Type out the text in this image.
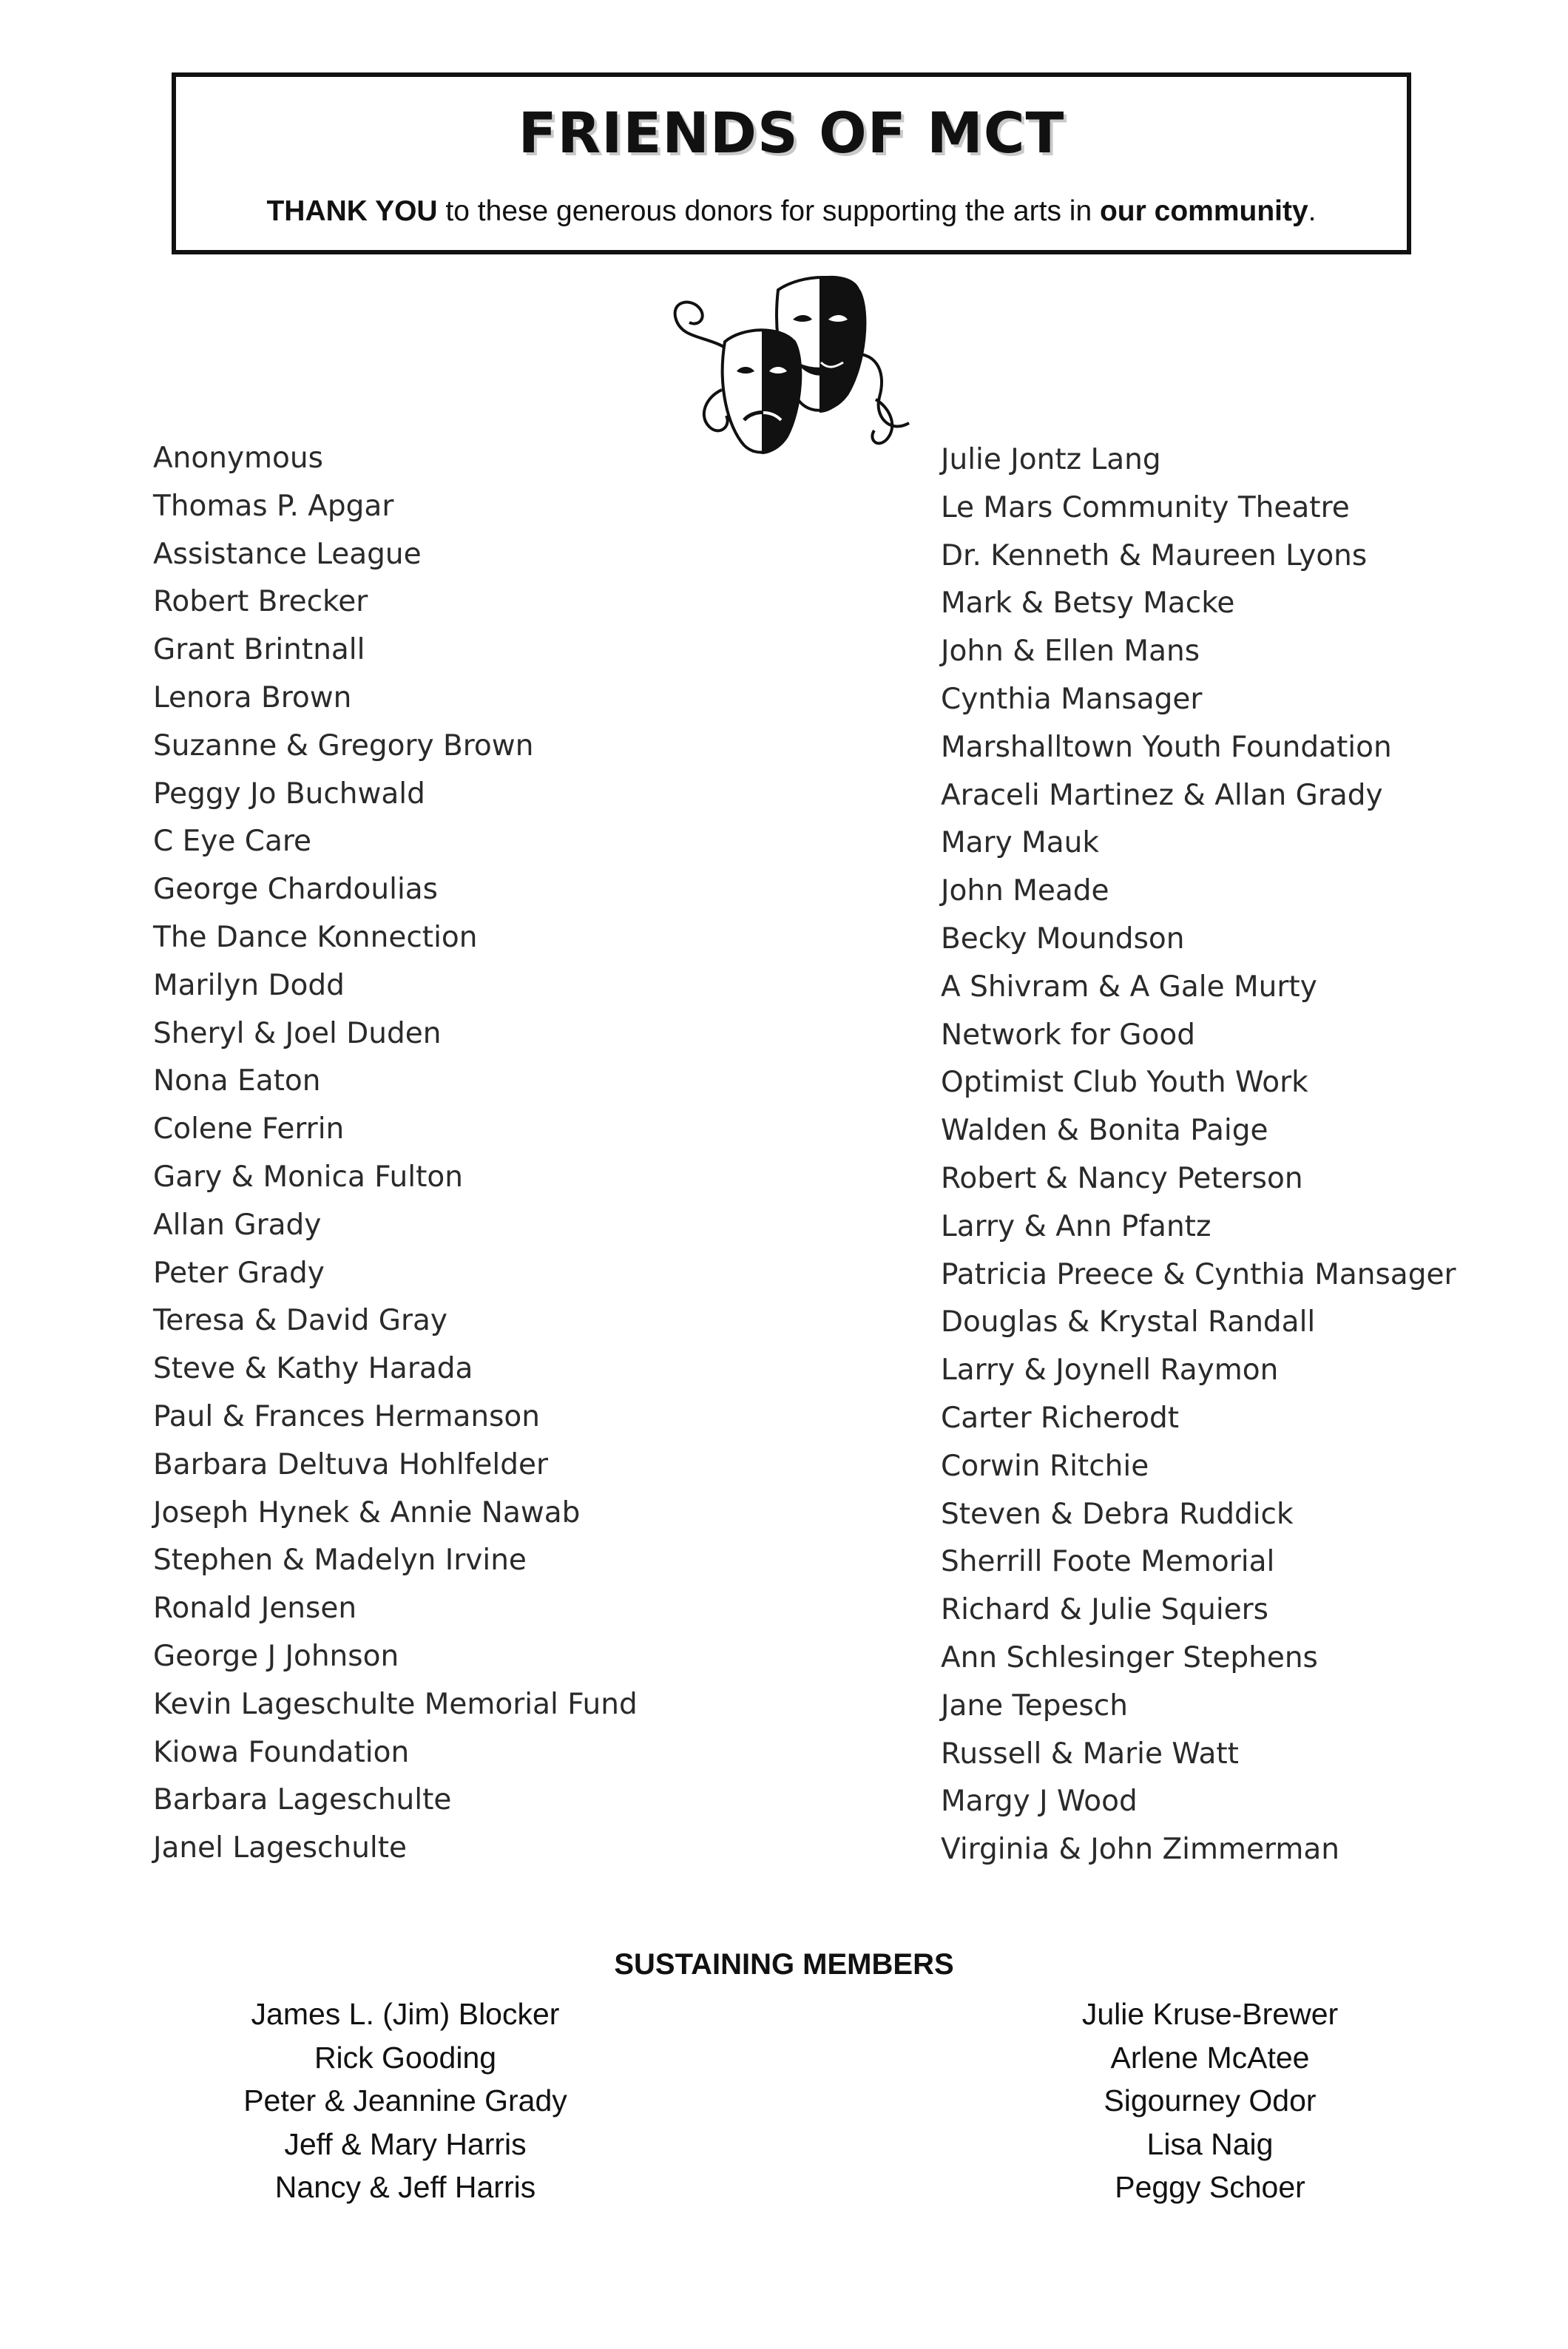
FRIENDS OF MCT
THANK YOU to these generous donors for supporting the arts in our community.
Anonymous
Thomas P. Apgar
Assistance League
Robert Brecker
Grant Brintnall
Lenora Brown
Suzanne & Gregory Brown
Peggy Jo Buchwald
C Eye Care
George Chardoulias
The Dance Konnection
Marilyn Dodd
Sheryl & Joel Duden
Nona Eaton
Colene Ferrin
Gary & Monica Fulton
Allan Grady
Peter Grady
Teresa & David Gray
Steve & Kathy Harada
Paul & Frances Hermanson
Barbara Deltuva Hohlfelder
Joseph Hynek & Annie Nawab
Stephen & Madelyn Irvine
Ronald Jensen
George J Johnson
Kevin Lageschulte Memorial Fund
Kiowa Foundation
Barbara Lageschulte
Janel Lageschulte
Julie Jontz Lang
Le Mars Community Theatre
Dr. Kenneth & Maureen Lyons
Mark & Betsy Macke
John & Ellen Mans
Cynthia Mansager
Marshalltown Youth Foundation
Araceli Martinez & Allan Grady
Mary Mauk
John Meade
Becky Moundson
A Shivram & A Gale Murty
Network for Good
Optimist Club Youth Work
Walden & Bonita Paige
Robert & Nancy Peterson
Larry & Ann Pfantz
Patricia Preece & Cynthia Mansager
Douglas & Krystal Randall
Larry & Joynell Raymon
Carter Richerodt
Corwin Ritchie
Steven & Debra Ruddick
Sherrill Foote Memorial
Richard & Julie Squiers
Ann Schlesinger Stephens
Jane Tepesch
Russell & Marie Watt
Margy J Wood
Virginia & John Zimmerman
SUSTAINING MEMBERS
James L. (Jim) Blocker
Rick Gooding
Peter & Jeannine Grady
Jeff & Mary Harris
Nancy & Jeff Harris
Julie Kruse-Brewer
Arlene McAtee
Sigourney Odor
Lisa Naig
Peggy Schoer
